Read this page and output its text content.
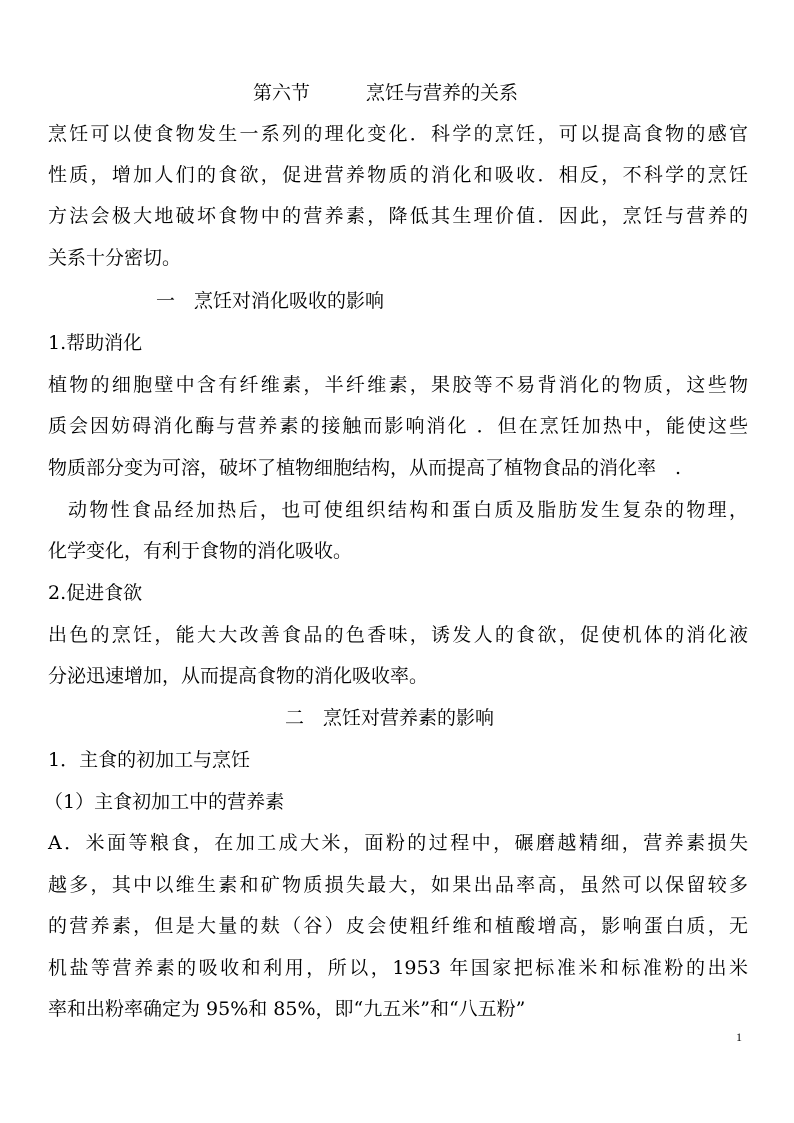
第六节	烹饪与营养的关系
烹饪可以使食物发生一系列的理化变化．科学的烹饪，可以提高食物的感官
性质，增加人们的食欲，促进营养物质的消化和吸收．相反，不科学的烹饪
方法会极大地破坏食物中的营养素，降低其生理价值．因此，烹饪与营养的
关系十分密切。
一　烹饪对消化吸收的影响
1.帮助消化
植物的细胞壁中含有纤维素，半纤维素，果胶等不易背消化的物质，这些物
质会因妨碍消化酶与营养素的接触而影响消化 ．但在烹饪加热中，能使这些
物质部分变为可溶，破坏了植物细胞结构，从而提高了植物食品的消化率　.
动物性食品经加热后，也可使组织结构和蛋白质及脂肪发生复杂的物理，
化学变化，有利于食物的消化吸收。
2.促进食欲
出色的烹饪，能大大改善食品的色香味，诱发人的食欲，促使机体的消化液
分泌迅速增加，从而提高食物的消化吸收率。
二　烹饪对营养素的影响
1．主食的初加工与烹饪
（1）主食初加工中的营养素
A．米面等粮食，在加工成大米，面粉的过程中，碾磨越精细，营养素损失
越多，其中以维生素和矿物质损失最大，如果出品率高，虽然可以保留较多
的营养素，但是大量的麸（谷）皮会使粗纤维和植酸增高，影响蛋白质，无
机盐等营养素的吸收和利用，所以，1953 年国家把标准米和标准粉的出米
率和出粉率确定为 95%和 85%，即“九五米”和“八五粉”
1
